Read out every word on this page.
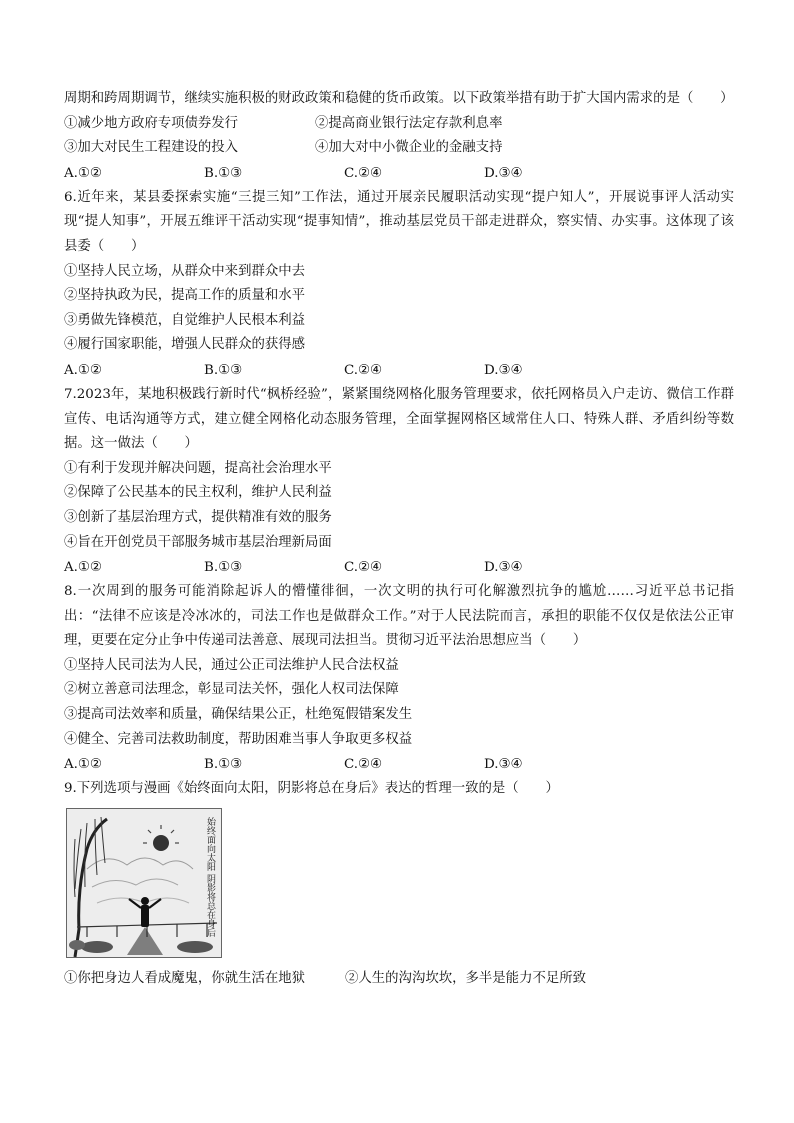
周期和跨周期调节，继续实施积极的财政政策和稳健的货币政策。以下政策举措有助于扩大国内需求的是（　　）

①减少地方政府专项债券发行	②提高商业银行法定存款利息率
③加大对民生工程建设的投入	④加大对中小微企业的金融支持
A.①②	B.①③	C.②④	D.③④

6.近年来，某县委探索实施“三提三知”工作法，通过开展亲民履职活动实现“提户知人”，开展说事评人活动实现“提人知事”，开展五维评干活动实现“提事知情”，推动基层党员干部走进群众，察实情、办实事。这体现了该县委（　　）

①坚持人民立场，从群众中来到群众中去
②坚持执政为民，提高工作的质量和水平
③勇做先锋模范，自觉维护人民根本利益
④履行国家职能，增强人民群众的获得感
A.①②	B.①③	C.②④	D.③④

7.2023年，某地积极践行新时代“枫桥经验”，紧紧围绕网格化服务管理要求，依托网格员入户走访、微信工作群宣传、电话沟通等方式，建立健全网格化动态服务管理，全面掌握网格区域常住人口、特殊人群、矛盾纠纷等数据。这一做法（　　）

①有利于发现并解决问题，提高社会治理水平
②保障了公民基本的民主权利，维护人民利益
③创新了基层治理方式，提供精准有效的服务
④旨在开创党员干部服务城市基层治理新局面
A.①②	B.①③	C.②④	D.③④

8.一次周到的服务可能消除起诉人的懵懂徘徊，一次文明的执行可化解激烈抗争的尴尬……习近平总书记指出：“法律不应该是冷冰冰的，司法工作也是做群众工作。”对于人民法院而言，承担的职能不仅仅是依法公正审理，更要在定分止争中传递司法善意、展现司法担当。贯彻习近平法治思想应当（　　）

①坚持人民司法为人民，通过公正司法维护人民合法权益
②树立善意司法理念，彰显司法关怀，强化人权司法保障
③提高司法效率和质量，确保结果公正，杜绝冤假错案发生
④健全、完善司法救助制度，帮助困难当事人争取更多权益
A.①②	B.①③	C.②④	D.③④

9.下列选项与漫画《始终面向太阳，阴影将总在身后》表达的哲理一致的是（　　）

始终面向太阳 阴影将总在身后
①你把身边人看成魔鬼，你就生活在地狱	②人生的沟沟坎坎，多半是能力不足所致
